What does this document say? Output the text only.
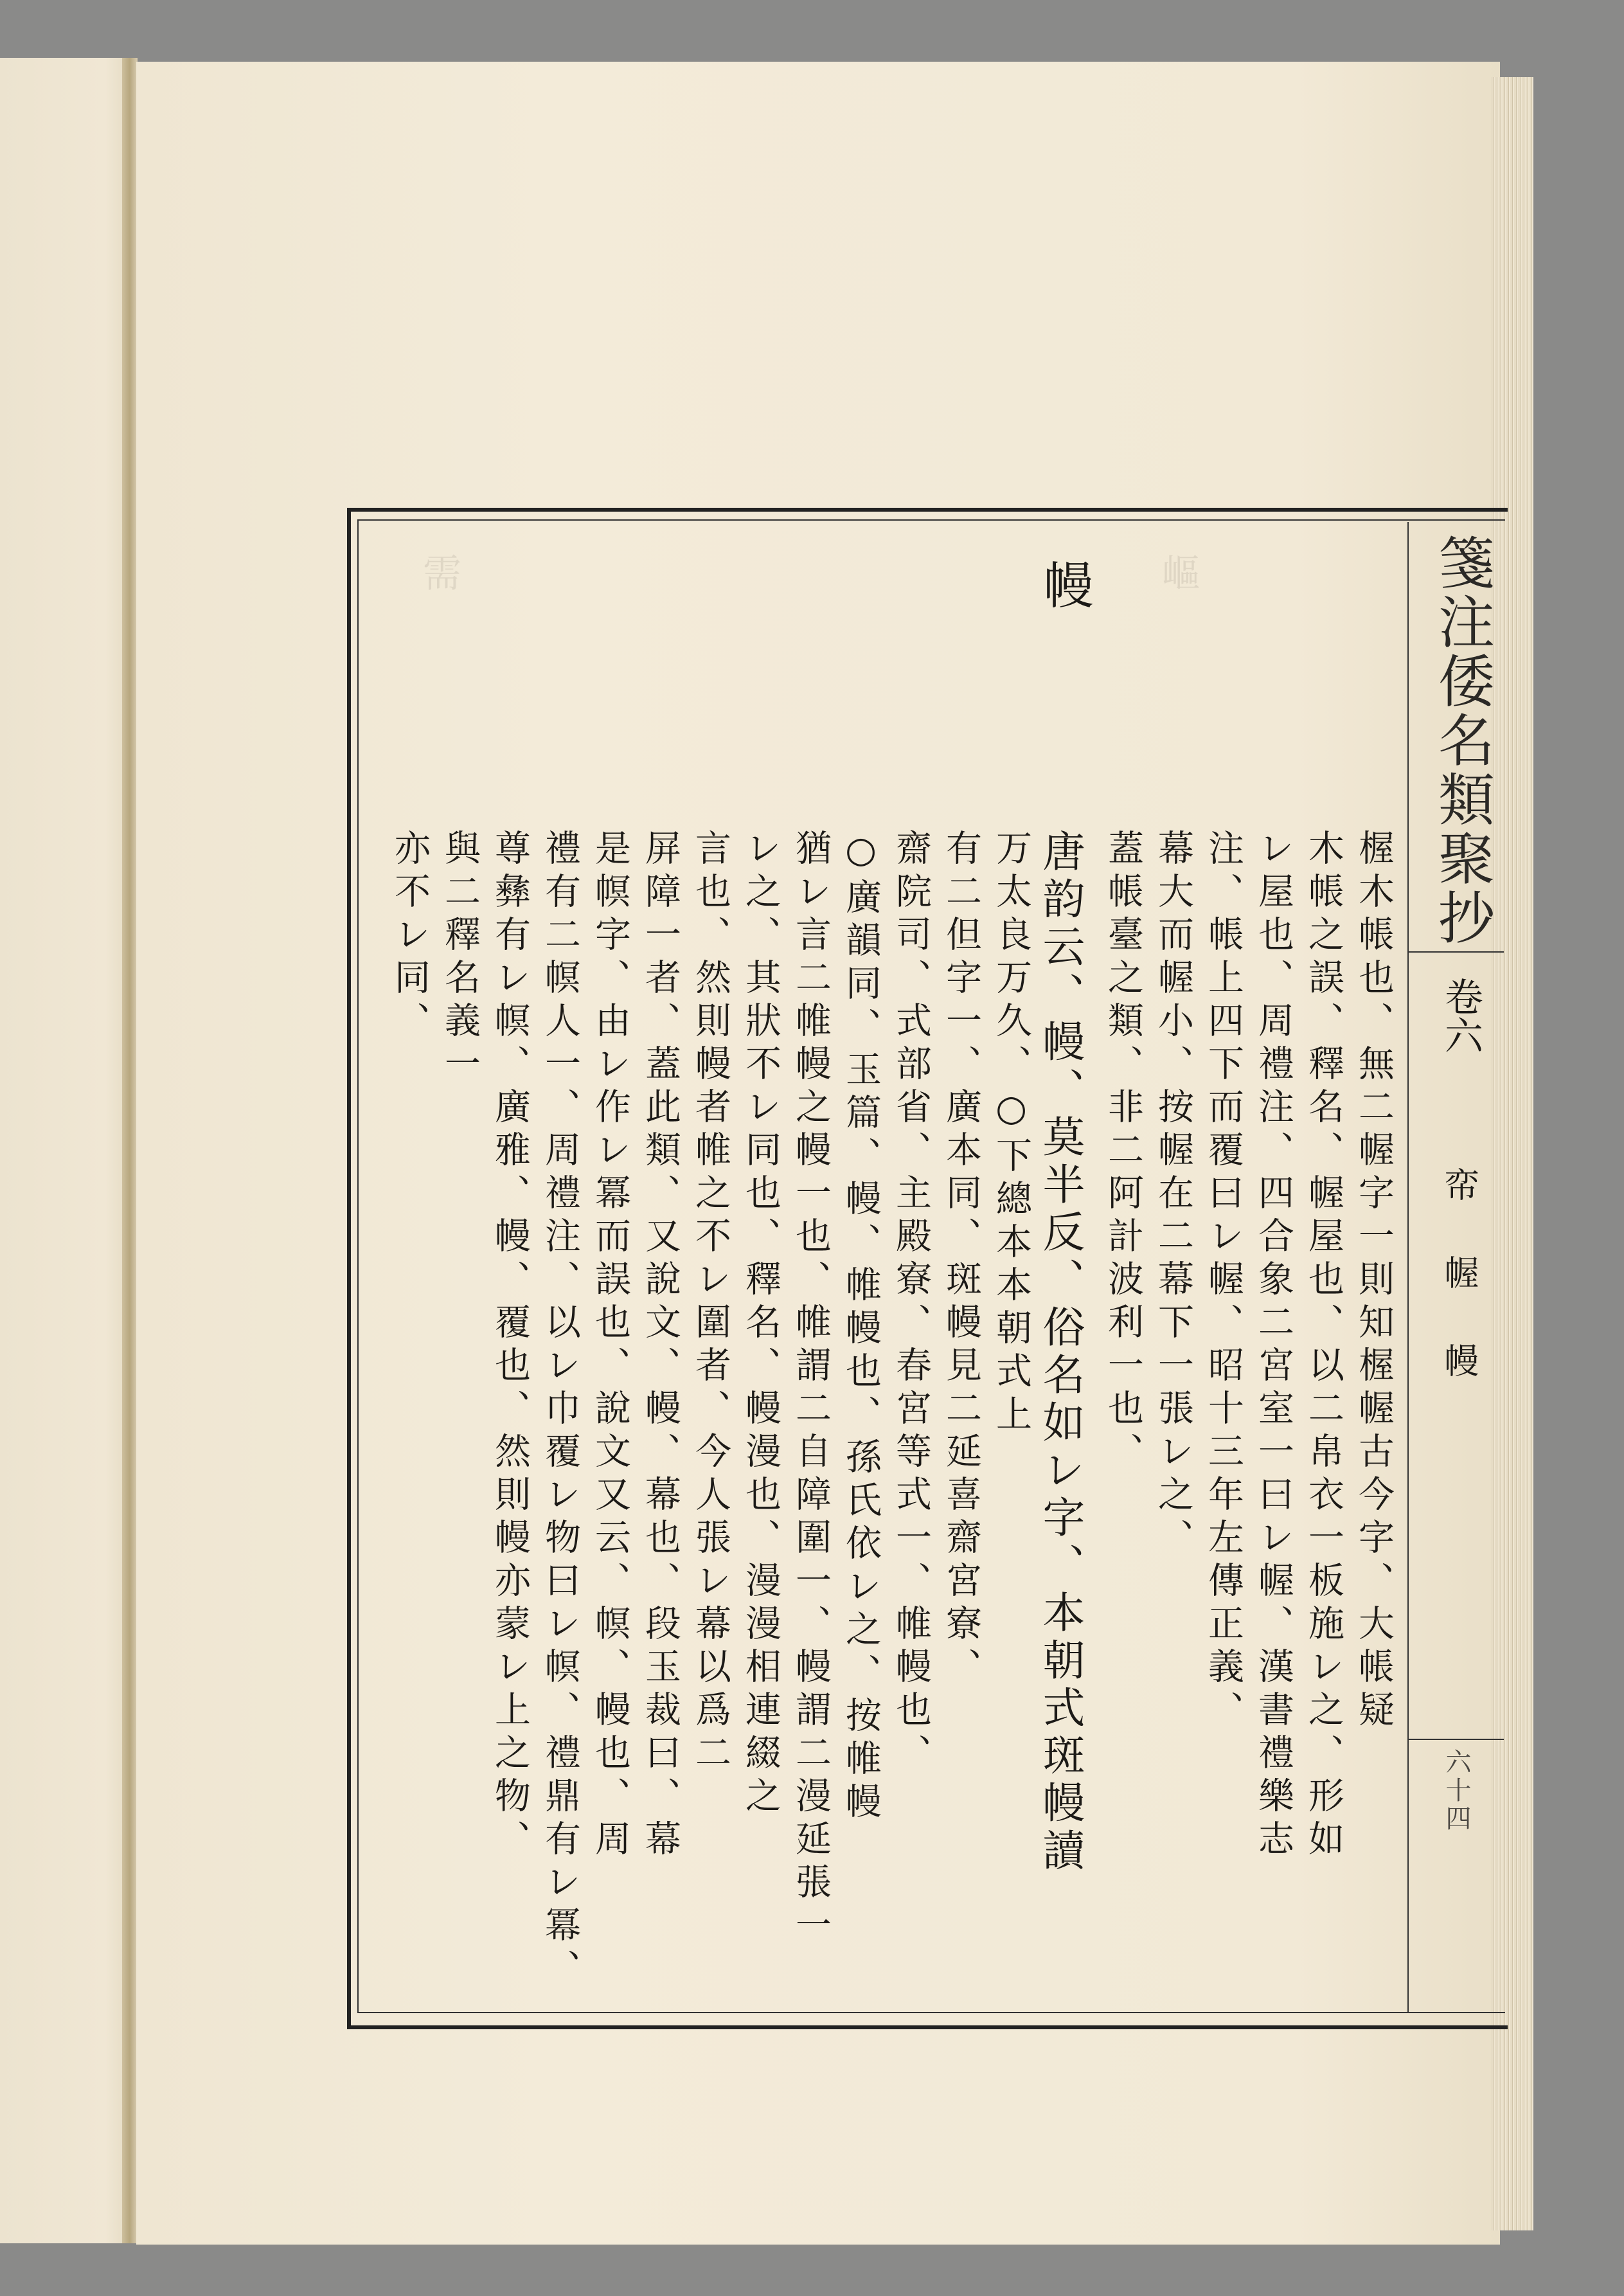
需	嶇	箋注倭名類聚抄
卷六
帟 幄 幔
六十四
幔
楃木帳也、無二幄字一則知楃幄古今字、大帳疑
木帳之誤、釋名、幄屋也、以二帛衣一板施レ之、形如
レ屋也、周禮注、四合象二宮室一曰レ幄、漢書禮樂志
注、帳上四下而覆曰レ幄、昭十三年左傳正義、
幕大而幄小、按幄在二幕下一張レ之、
蓋帳臺之類、非二阿計波利一也、
唐韵云、幔、莫半反、俗名如レ字、本朝式斑幔讀
万太良万久、○下總本本朝式上
有二但字一、廣本同、斑幔見二延喜齋宮寮、
齋院司、式部省、主殿寮、春宮等式一、帷幔也、
○廣韻同、玉篇、幔、帷幔也、孫氏依レ之、按帷幔
猶レ言二帷幔之幔一也、帷謂二自障圍一、幔謂二漫延張一
レ之、其狀不レ同也、釋名、幔漫也、漫漫相連綴之
言也、然則幔者帷之不レ圍者、今人張レ幕以爲二
屏障一者、蓋此類、又說文、幔、幕也、段玉裁曰、幕
是幎字、由レ作レ冪而誤也、說文又云、幎、幔也、周
禮有二幎人一、周禮注、以レ巾覆レ物曰レ幎、禮鼎有レ冪、
尊彝有レ幎、廣雅、幔、覆也、然則幔亦蒙レ上之物、
與二釋名義一
亦不レ同、
